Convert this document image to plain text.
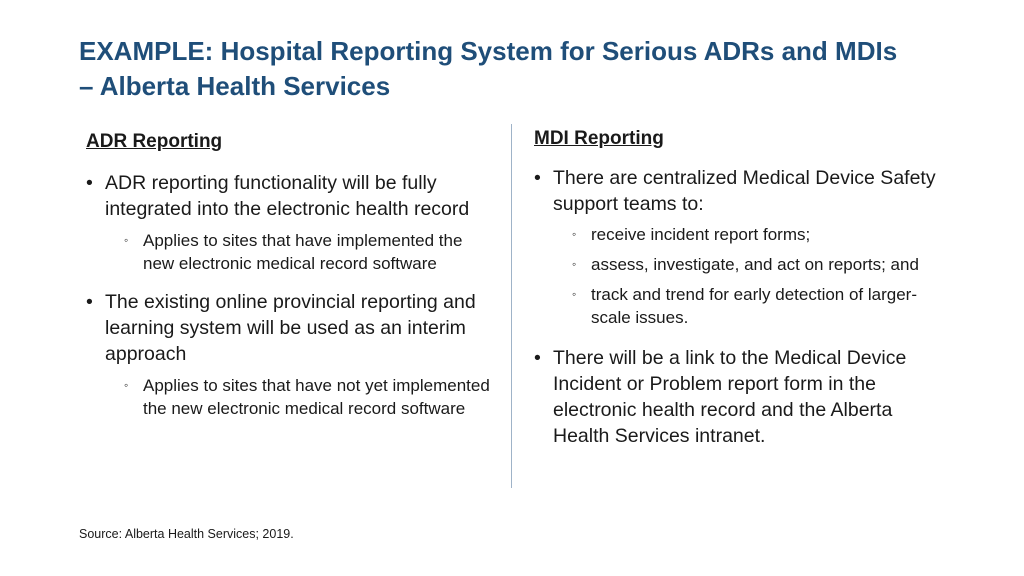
EXAMPLE: Hospital Reporting System for Serious ADRs and MDIs
– Alberta Health Services
ADR Reporting
• ADR reporting functionality will be fully integrated into the electronic health record
◦ Applies to sites that have implemented the new electronic medical record software
• The existing online provincial reporting and learning system will be used as an interim approach
◦ Applies to sites that have not yet implemented the new electronic medical record software
MDI Reporting
• There are centralized Medical Device Safety support teams to:
◦ receive incident report forms;
◦ assess, investigate, and act on reports; and
◦ track and trend for early detection of larger-scale issues.
• There will be a link to the Medical Device Incident or Problem report form in the electronic health record and the Alberta Health Services intranet.
Source: Alberta Health Services; 2019.
